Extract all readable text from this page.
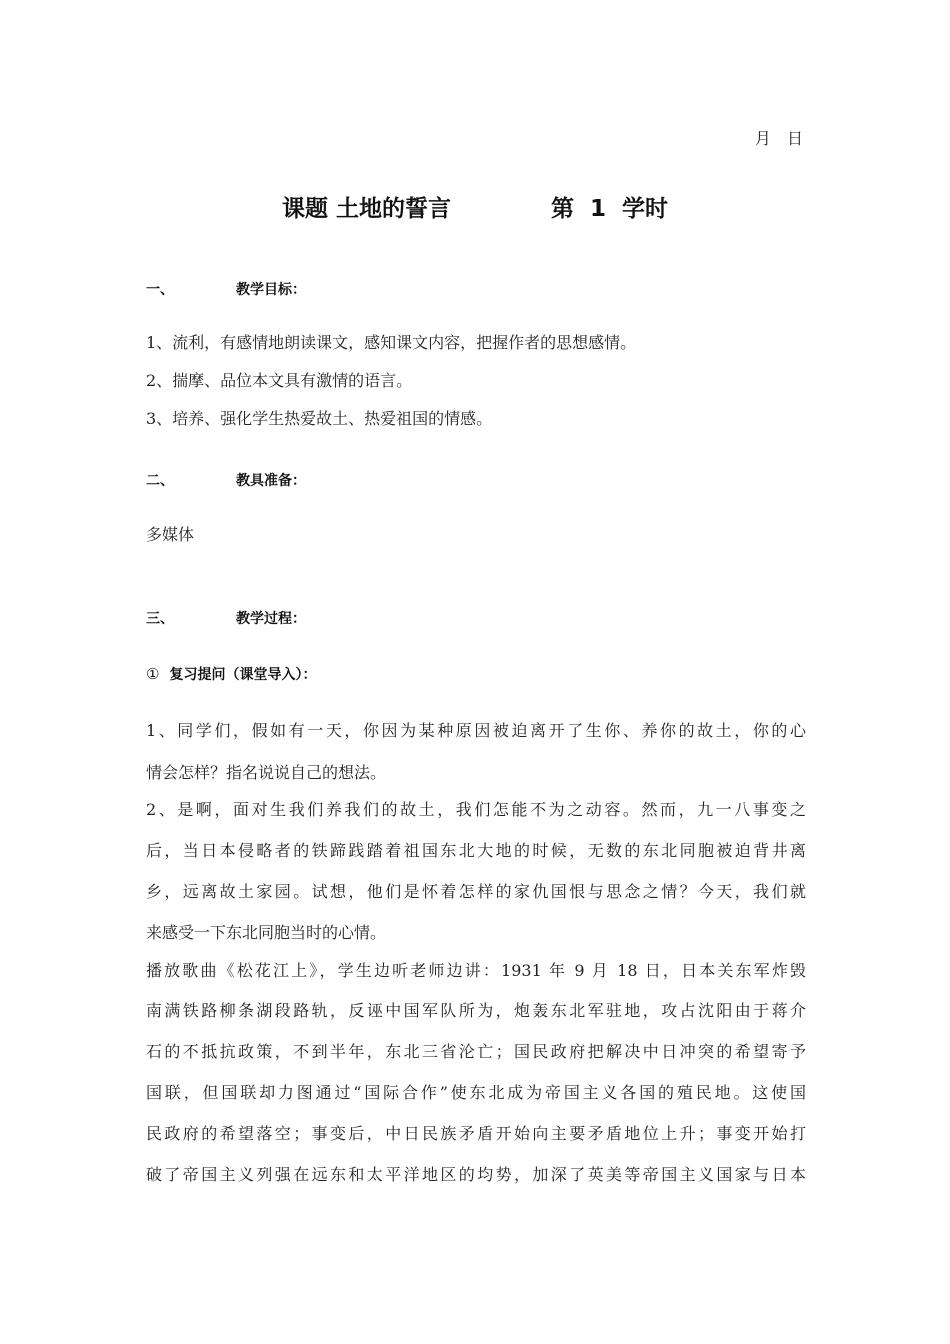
月  日
课题 土地的誓言	第  1  学时
一、	教学目标：
1、流利，有感情地朗读课文，感知课文内容，把握作者的思想感情。
2、揣摩、品位本文具有激情的语言。
3、培养、强化学生热爱故土、热爱祖国的情感。
二、	教具准备：
多媒体
三、	教学过程：
① 复习提问（课堂导入）：
1、同学们，假如有一天，你因为某种原因被迫离开了生你、养你的故土，你的心
情会怎样？指名说说自己的想法。
2、是啊，面对生我们养我们的故土，我们怎能不为之动容。然而，九一八事变之
后，当日本侵略者的铁蹄践踏着祖国东北大地的时候，无数的东北同胞被迫背井离
乡，远离故土家园。试想，他们是怀着怎样的家仇国恨与思念之情？今天，我们就
来感受一下东北同胞当时的心情。
播放歌曲《松花江上》，学生边听老师边讲：1931 年 9 月 18 日，日本关东军炸毁
南满铁路柳条湖段路轨，反诬中国军队所为，炮轰东北军驻地，攻占沈阳由于蒋介
石的不抵抗政策，不到半年，东北三省沦亡；国民政府把解决中日冲突的希望寄予
国联，但国联却力图通过“国际合作”使东北成为帝国主义各国的殖民地。这使国
民政府的希望落空；事变后，中日民族矛盾开始向主要矛盾地位上升；事变开始打
破了帝国主义列强在远东和太平洋地区的均势，加深了英美等帝国主义国家与日本
